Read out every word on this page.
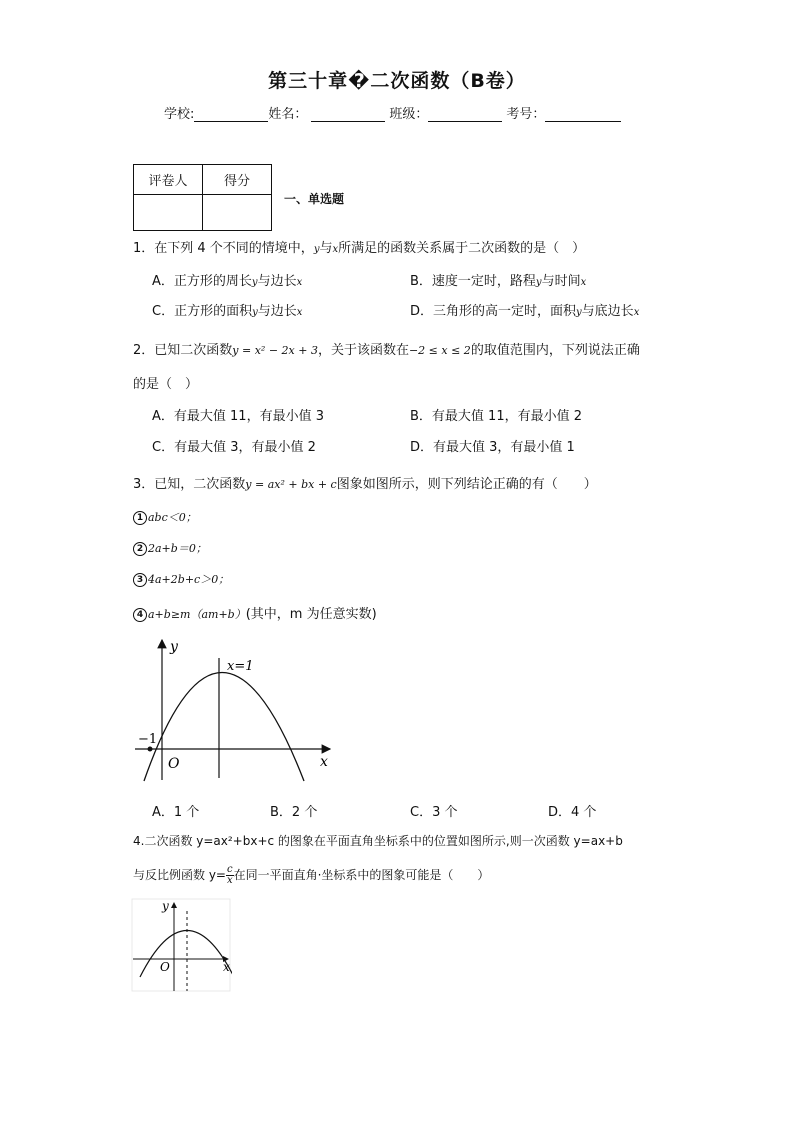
第三十章�二次函数（B卷）
学校:	姓名：	班级：	考号：
评卷人	得分

一、单选题
1．在下列 4 个不同的情境中，y与x所满足的函数关系属于二次函数的是（　）
A．正方形的周长y与边长x	B．速度一定时，路程y与时间x
C．正方形的面积y与边长x	D．三角形的高一定时，面积y与底边长x
2．已知二次函数y = x² − 2x + 3，关于该函数在−2 ≤ x ≤ 2的取值范围内，下列说法正确
的是（　）
A．有最大值 11，有最小值 3	B．有最大值 11，有最小值 2
C．有最大值 3，有最小值 2	D．有最大值 3，有最小值 1
3．已知，二次函数y = ax² + bx + c图象如图所示，则下列结论正确的有（　　）
1 abc＜0；
2 2a+b＝0；
3 4a+2b+c＞0；
4 a+b≥m（am+b）(其中，m 为任意实数)
y
x
O
x=1
−1
A．1 个	B．2 个	C．3 个	D．4 个
4.二次函数 y=ax²+bx+c 的图象在平面直角坐标系中的位置如图所示,则一次函数 y=ax+b
与反比例函数 $y= \frac{c}{x}$ 在同一平面直角·坐标系中的图象可能是（　　）
y
x
O
